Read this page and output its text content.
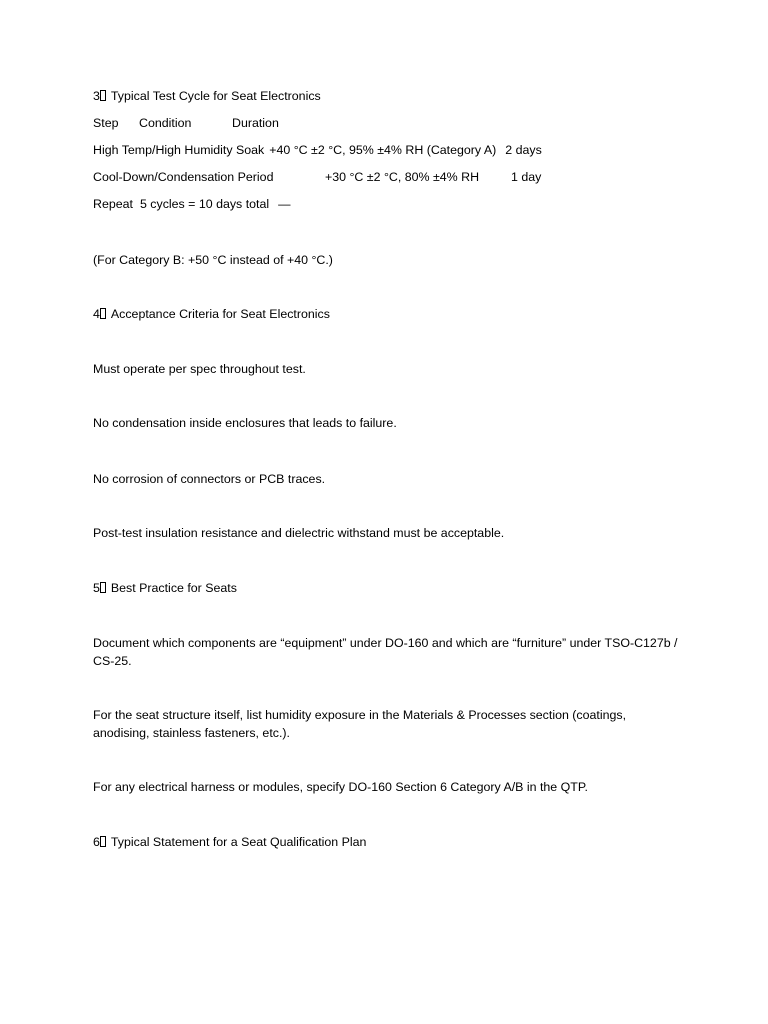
3 Typical Test Cycle for Seat Electronics

Step Condition	Duration

High Temp/High Humidity Soak +40 °C ±2 °C, 95% ±4% RH (Category A) 2 days

Cool-Down/Condensation Period	+30 °C ±2 °C, 80% ±4% RH	1 day

Repeat 5 cycles = 10 days total —

(For Category B: +50 °C instead of +40 °C.)

4 Acceptance Criteria for Seat Electronics

Must operate per spec throughout test.

No condensation inside enclosures that leads to failure.

No corrosion of connectors or PCB traces.

Post-test insulation resistance and dielectric withstand must be acceptable.

5 Best Practice for Seats

Document which components are “equipment” under DO-160 and which are “furniture” under TSO-C127b / CS-25.

For the seat structure itself, list humidity exposure in the Materials & Processes section (coatings, anodising, stainless fasteners, etc.).

For any electrical harness or modules, specify DO-160 Section 6 Category A/B in the QTP.

6 Typical Statement for a Seat Qualification Plan
